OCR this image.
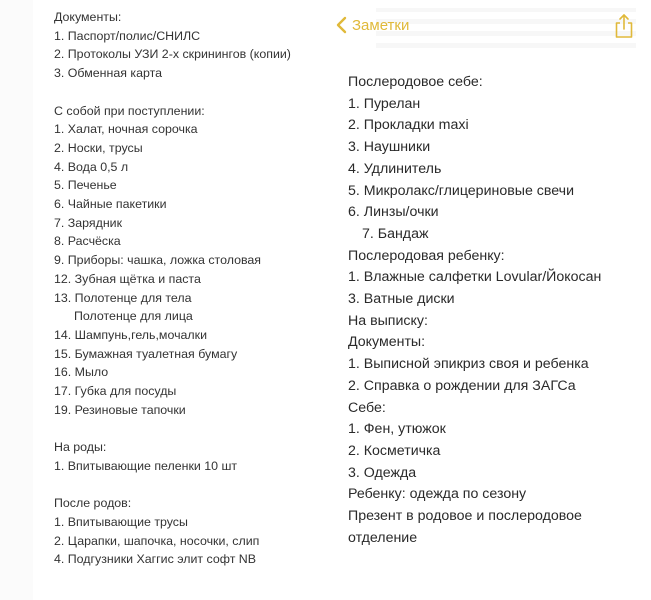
Документы:
1. Паспорт/полис/СНИЛС
2. Протоколы УЗИ 2-х скринингов (копии)
3. Обменная карта
С собой при поступлении:
1. Халат, ночная сорочка
2. Носки, трусы
4. Вода 0,5 л
5. Печенье
6. Чайные пакетики
7. Зарядник
8. Расчёска
9. Приборы: чашка, ложка столовая
12. Зубная щётка и паста
13. Полотенце для тела
Полотенце для лица
14. Шампунь,гель,мочалки
15. Бумажная туалетная бумагу
16. Мыло
17. Губка для посуды
19. Резиновые тапочки
На роды:
1. Впитывающие пеленки 10 шт
После родов:
1. Впитывающие трусы
2. Царапки, шапочка, носочки, слип
4. Подгузники Хаггис элит софт NB
Заметки
Послеродовое себе:
1. Пурелан
2. Прокладки maxi
3. Наушники
4. Удлинитель
5. Микролакс/глицериновые свечи
6. Линзы/очки
7. Бандаж
Послеродовая ребенку:
1. Влажные салфетки Lovular/Йокосан
3. Ватные диски
На выписку:
Документы:
1. Выписной эпикриз своя и ребенка
2. Справка о рождении для ЗАГСа
Себе:
1. Фен, утюжок
2. Косметичка
3. Одежда
Ребенку: одежда по сезону
Презент в родовое и послеродовое
отделение
